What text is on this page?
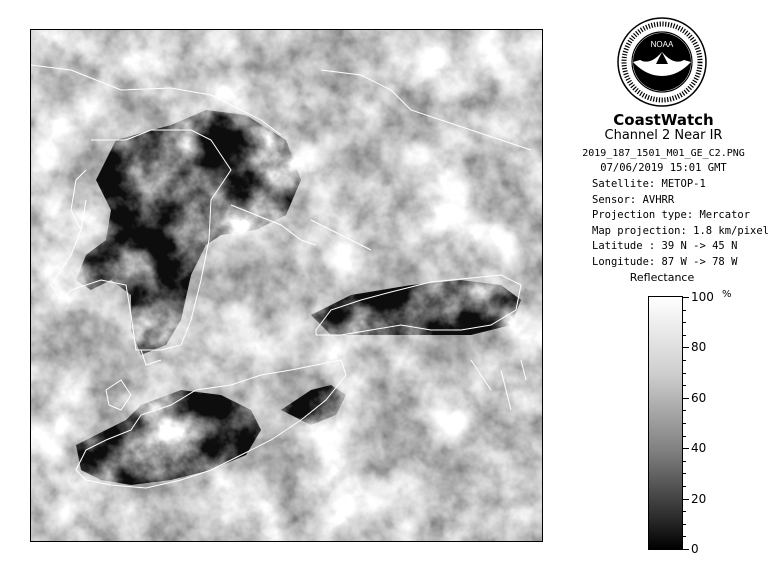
NOAA
CoastWatch
Channel 2 Near IR
2019_187_1501_M01_GE_C2.PNG
07/06/2019 15:01 GMT
Satellite: METOP-1
Sensor: AVHRR
Projection type: Mercator
Map projection: 1.8 km/pixel
Latitude : 39 N -> 45 N
Longitude: 87 W -> 78 W
Reflectance
%
100
80
60
40
20
0
